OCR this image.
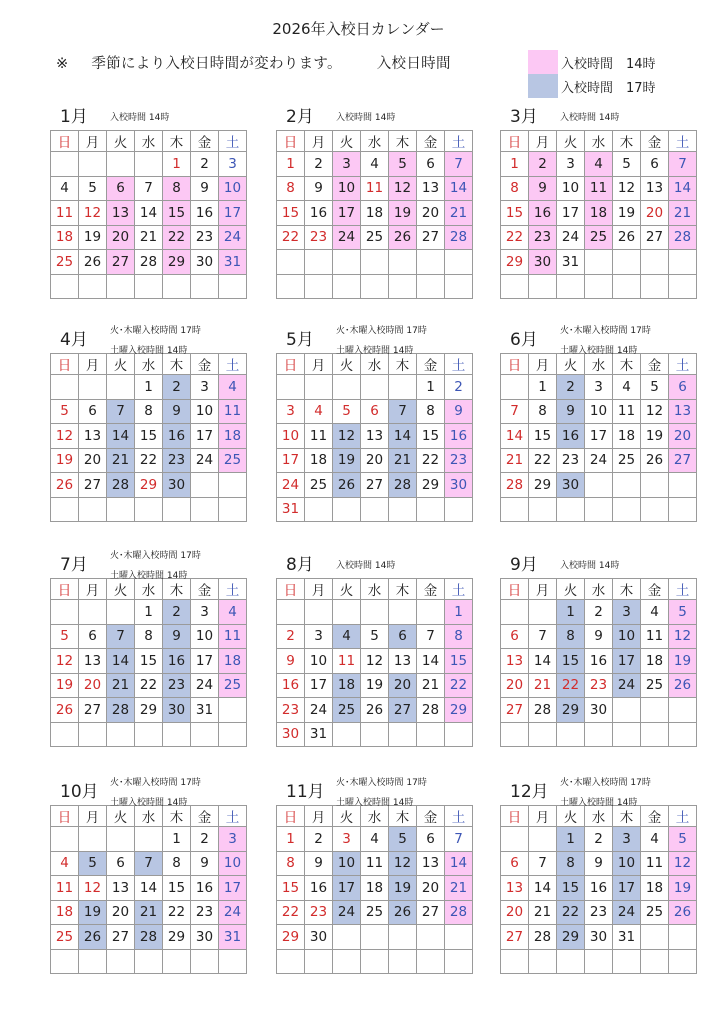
2026年入校日カレンダー
※ 季節により入校日時間が変わります。 入校日時間	入校時間　14時
入校時間　17時
1月 入校時間 14時
日	月	火	水	木	金	土
				1	2	3
4	5	6	7	8	9	10
11	12	13	14	15	16	17
18	19	20	21	22	23	24
25	26	27	28	29	30	31

2月 入校時間 14時
日	月	火	水	木	金	土
1	2	3	4	5	6	7
8	9	10	11	12	13	14
15	16	17	18	19	20	21
22	23	24	25	26	27	28

3月 入校時間 14時
日	月	火	水	木	金	土
1	2	3	4	5	6	7
8	9	10	11	12	13	14
15	16	17	18	19	20	21
22	23	24	25	26	27	28
29	30	31				

4月 火･木曜入校時間 17時
土曜入校時間 14時
日	月	火	水	木	金	土
			1	2	3	4
5	6	7	8	9	10	11
12	13	14	15	16	17	18
19	20	21	22	23	24	25
26	27	28	29	30		

5月 火･木曜入校時間 17時
土曜入校時間 14時
日	月	火	水	木	金	土
					1	2
3	4	5	6	7	8	9
10	11	12	13	14	15	16
17	18	19	20	21	22	23
24	25	26	27	28	29	30
31						
6月 火･木曜入校時間 17時
土曜入校時間 14時
日	月	火	水	木	金	土
	1	2	3	4	5	6
7	8	9	10	11	12	13
14	15	16	17	18	19	20
21	22	23	24	25	26	27
28	29	30				

7月 火･木曜入校時間 17時
土曜入校時間 14時
日	月	火	水	木	金	土
			1	2	3	4
5	6	7	8	9	10	11
12	13	14	15	16	17	18
19	20	21	22	23	24	25
26	27	28	29	30	31	

8月 入校時間 14時
日	月	火	水	木	金	土
						1
2	3	4	5	6	7	8
9	10	11	12	13	14	15
16	17	18	19	20	21	22
23	24	25	26	27	28	29
30	31					
9月 入校時間 14時
日	月	火	水	木	金	土
		1	2	3	4	5
6	7	8	9	10	11	12
13	14	15	16	17	18	19
20	21	22	23	24	25	26
27	28	29	30			

10月 火･木曜入校時間 17時
土曜入校時間 14時
日	月	火	水	木	金	土
				1	2	3
4	5	6	7	8	9	10
11	12	13	14	15	16	17
18	19	20	21	22	23	24
25	26	27	28	29	30	31

11月 火･木曜入校時間 17時
土曜入校時間 14時
日	月	火	水	木	金	土
1	2	3	4	5	6	7
8	9	10	11	12	13	14
15	16	17	18	19	20	21
22	23	24	25	26	27	28
29	30					

12月 火･木曜入校時間 17時
土曜入校時間 14時
日	月	火	水	木	金	土
		1	2	3	4	5
6	7	8	9	10	11	12
13	14	15	16	17	18	19
20	21	22	23	24	25	26
27	28	29	30	31		
